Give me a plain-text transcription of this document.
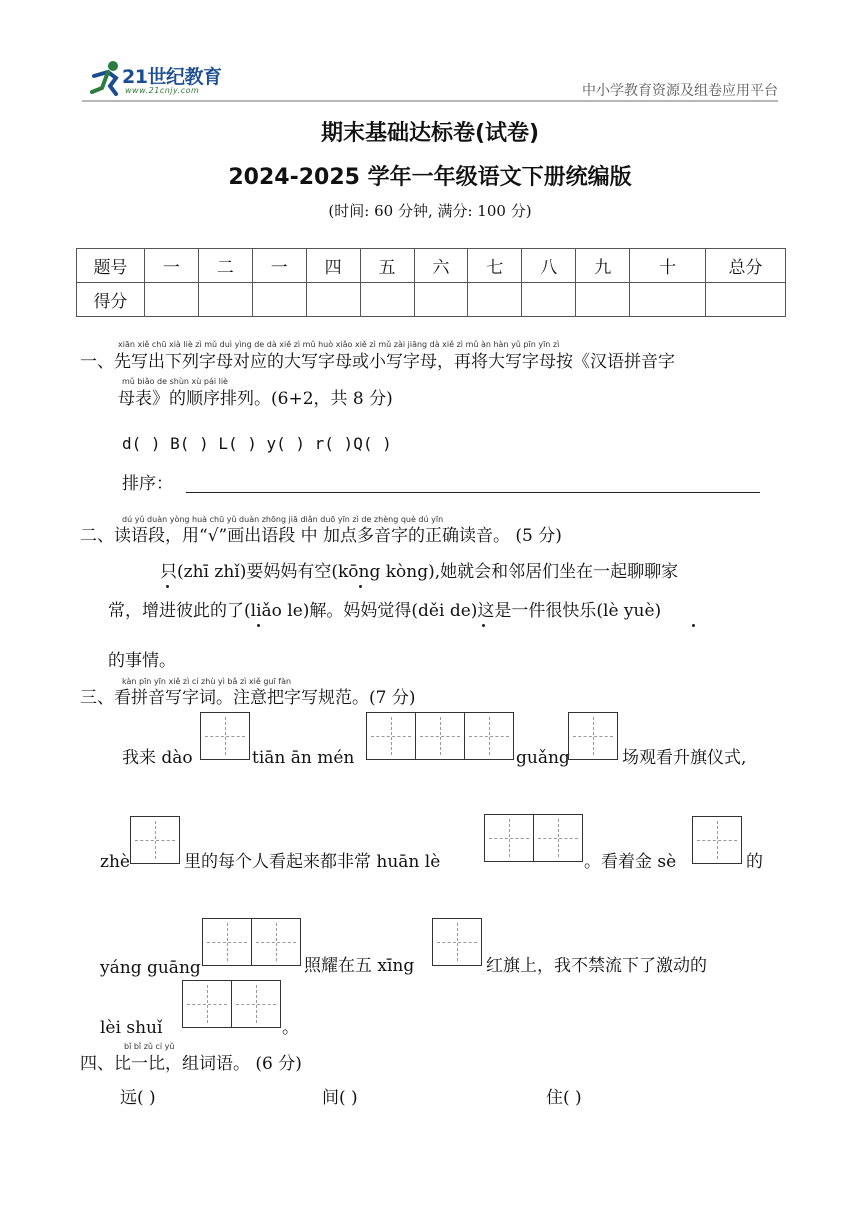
21世纪教育
www.21cnjy.com	中小学教育资源及组卷应用平台
期末基础达标卷(试卷)
2024-2025 学年一年级语文下册统编版
(时间: 60 分钟, 满分: 100 分)
题号	一	二	一	四	五	六	七	八	九	十	总分
得分											
xiān xiě chū xià liè zì mǔ duì yìng de dà xiě zì mǔ huò xiǎo xiě zì mǔ zài jiāng dà xiě zì mǔ àn hàn yǔ pīn yīn zì
一、先写出下列字母对应的大写字母或小写字母，再将大写字母按《汉语拼音字
mǔ biǎo de shùn xù pái liè
母表》的顺序排列。(6+2，共 8 分)
d( ) B( ) L( ) y( ) r( )Q( )
排序：
dú yǔ duàn yòng huà chū yǔ duàn zhōng jiā diǎn duō yīn zì de zhèng què dú yīn
二、读语段，用“√”画出语段 中 加点多音字的正确读音。 (5 分)
只(zhī zhǐ)要妈妈有空(kōng kòng),她就会和邻居们坐在一起聊聊家
常，增进彼此的了(liǎo le)解。妈妈觉得(děi de)这是一件很快乐(lè yuè)
的事情。
kàn pīn yīn xiě zì cí zhù yì bǎ zì xiě guī fàn
三、看拼音写字词。注意把字写规范。(7 分)
我来 dào	tiān ān mén	guǎng	场观看升旗仪式,
zhè	里的每个人看起来都非常 huān lè	。看着金 sè	的
yáng guāng	照耀在五 xīng	红旗上，我不禁流下了激动的
lèi shuǐ	。
bǐ bǐ zǔ cí yǔ
四、比一比，组词语。 (6 分)
远( )	间( )	住( )
